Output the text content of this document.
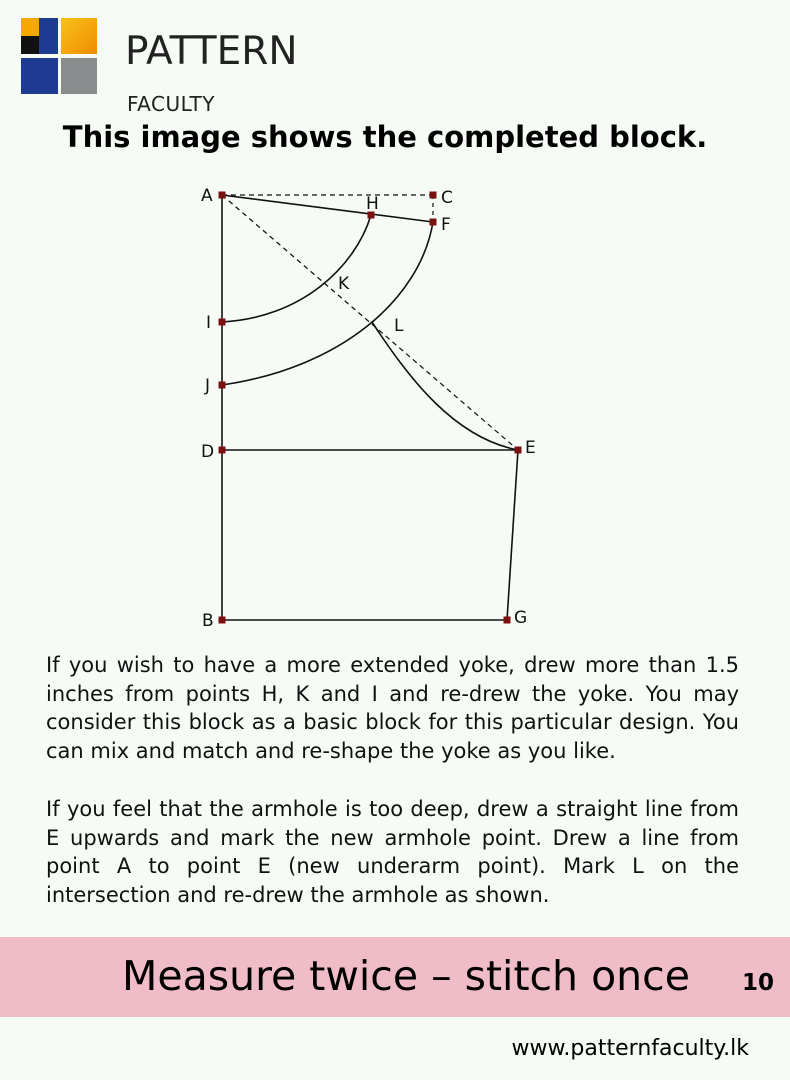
PATTERN
FACULTY
This image shows the completed block.
A	C
H
F
K
L
I
J
D	E
B	G
If you wish to have a more extended yoke, drew more than 1.5 inches from points H, K and I and re-drew the yoke. You may consider this block as a basic block for this particular design. You can mix and match and re-shape the yoke as you like.
If you feel that the armhole is too deep, drew a straight line from E upwards and mark the new armhole point. Drew a line from point A to point E (new underarm point). Mark L on the intersection and re-drew the armhole as shown.
Measure twice – stitch once 10
www.patternfaculty.lk
